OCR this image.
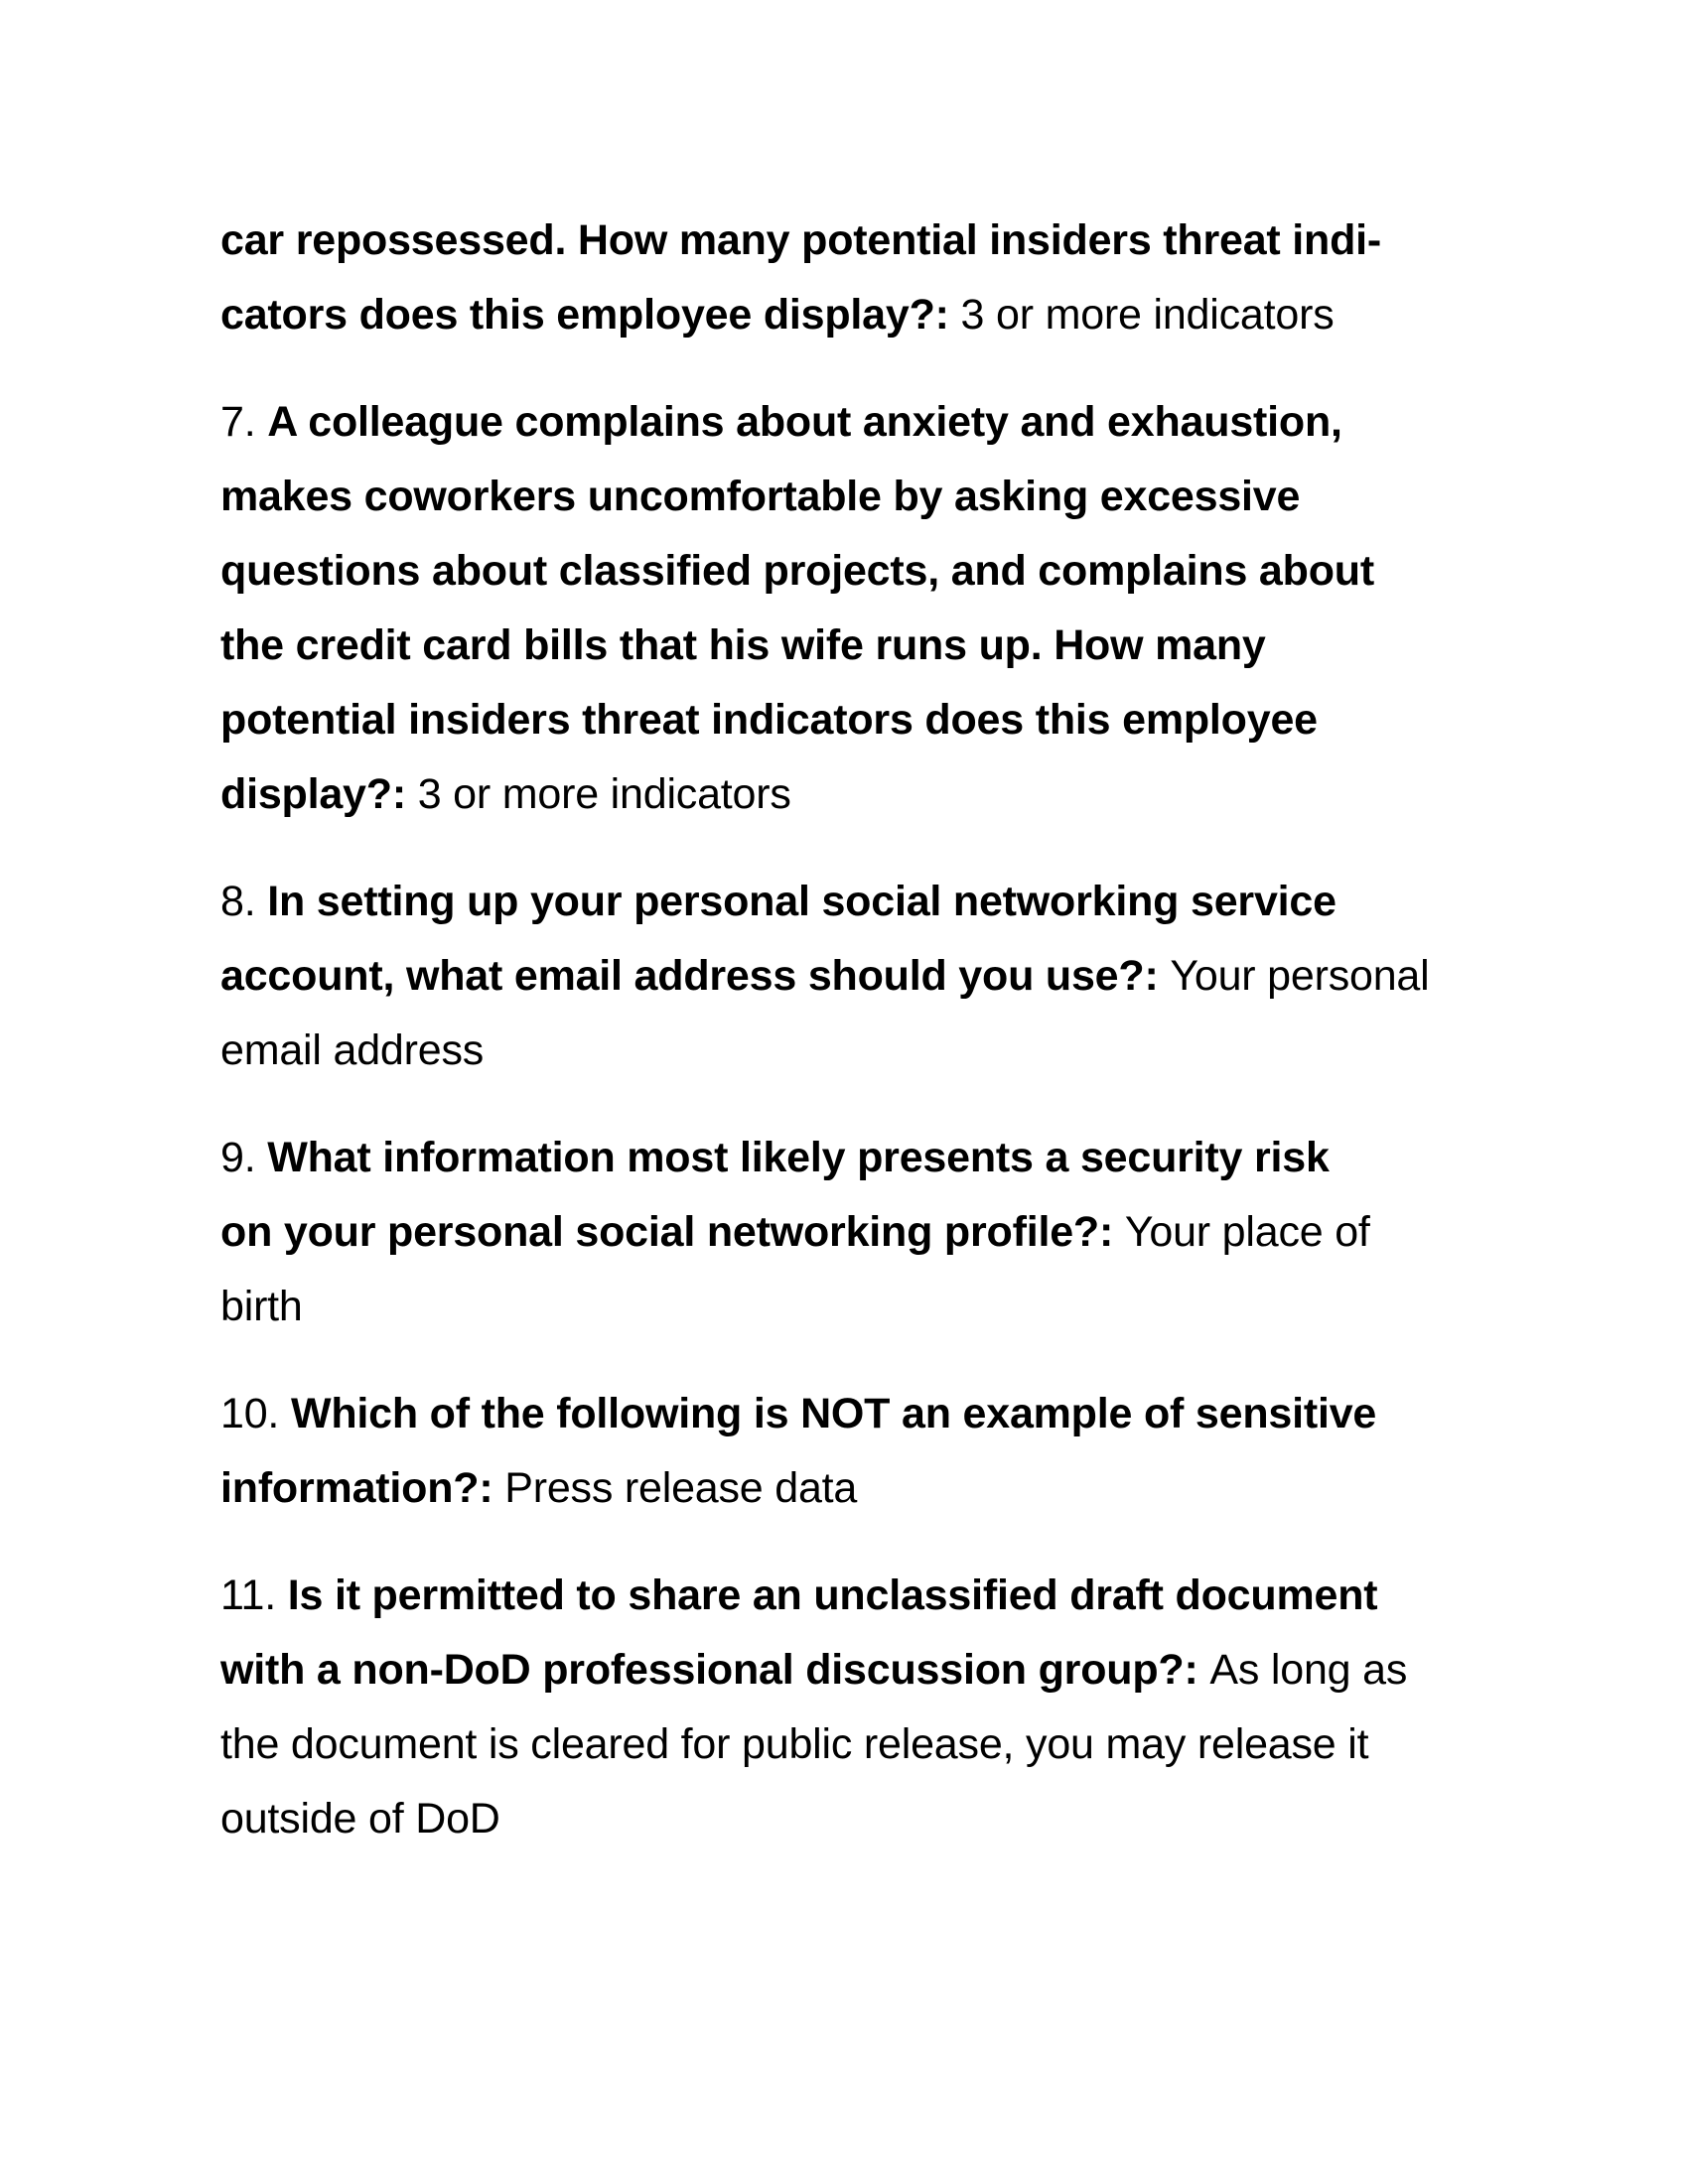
car repossessed. How many potential insiders threat indi-
cators does this employee display?: 3 or more indicators
7. A colleague complains about anxiety and exhaustion,
makes coworkers uncomfortable by asking excessive
questions about classified projects, and complains about
the credit card bills that his wife runs up. How many
potential insiders threat indicators does this employee
display?: 3 or more indicators
8. In setting up your personal social networking service
account, what email address should you use?: Your personal
email address
9. What information most likely presents a security risk
on your personal social networking profile?: Your place of
birth
10. Which of the following is NOT an example of sensitive
information?: Press release data
11. Is it permitted to share an unclassified draft document
with a non-DoD professional discussion group?: As long as
the document is cleared for public release, you may release it
outside of DoD
